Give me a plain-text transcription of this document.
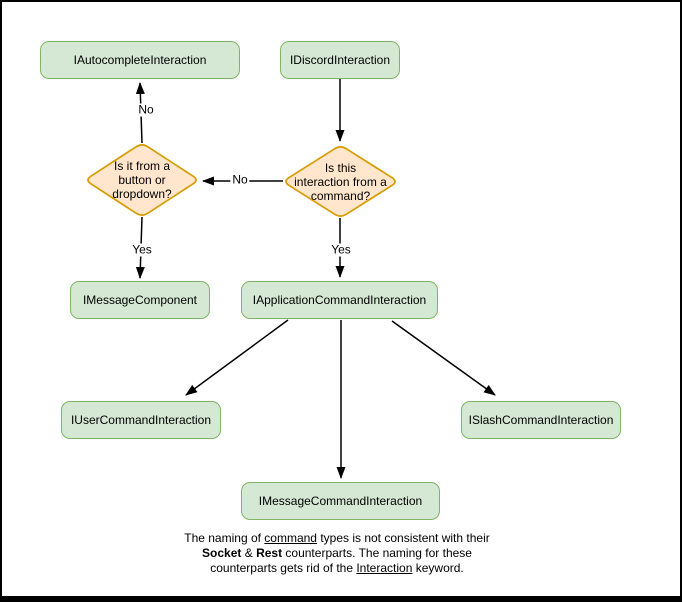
IAutocompleteInteraction	IDiscordInteraction
IMessageComponent	IApplicationCommandInteraction
IUserCommandInteraction	ISlashCommandInteraction
IMessageCommandInteraction
Is it from a
button or
dropdown?
Is this
interaction from a
command?
No
Yes
No
Yes
The naming of command types is not consistent with their
Socket & Rest counterparts. The naming for these
counterparts gets rid of the Interaction keyword.
